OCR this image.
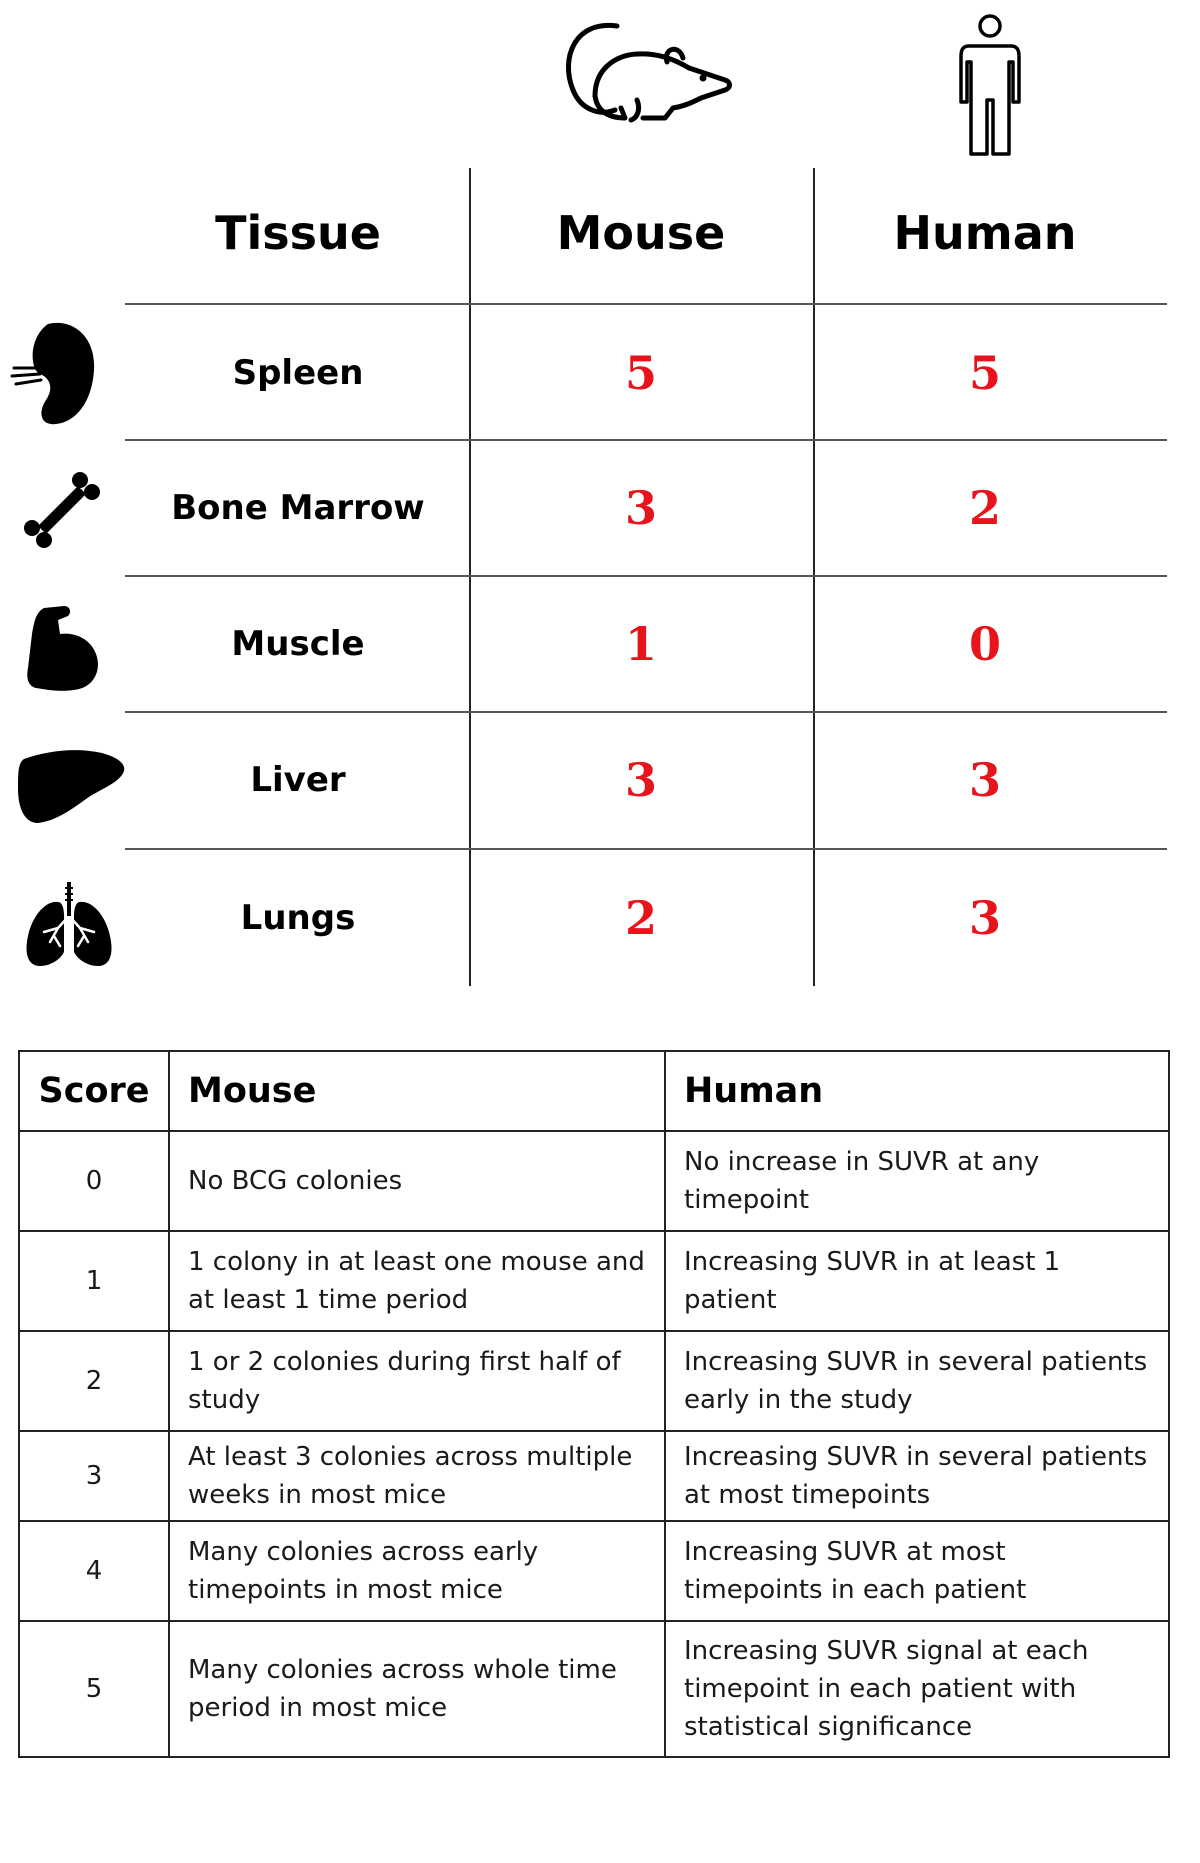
Tissue	Mouse	Human
Spleen	5	5
Bone Marrow	3	2
Muscle	1	0
Liver	3	3
Lungs	2	3
Score	Mouse	Human
0	No BCG colonies	No increase in SUVR at any timepoint
1	1 colony in at least one mouse and at least 1 time period	Increasing SUVR in at least 1 patient
2	1 or 2 colonies during first half of study	Increasing SUVR in several patients early in the study
3	At least 3 colonies across multiple weeks in most mice	Increasing SUVR in several patients at most timepoints
4	Many colonies across early timepoints in most mice	Increasing SUVR at most timepoints in each patient
5	Many colonies across whole time period in most mice	Increasing SUVR signal at each timepoint in each patient with statistical significance
